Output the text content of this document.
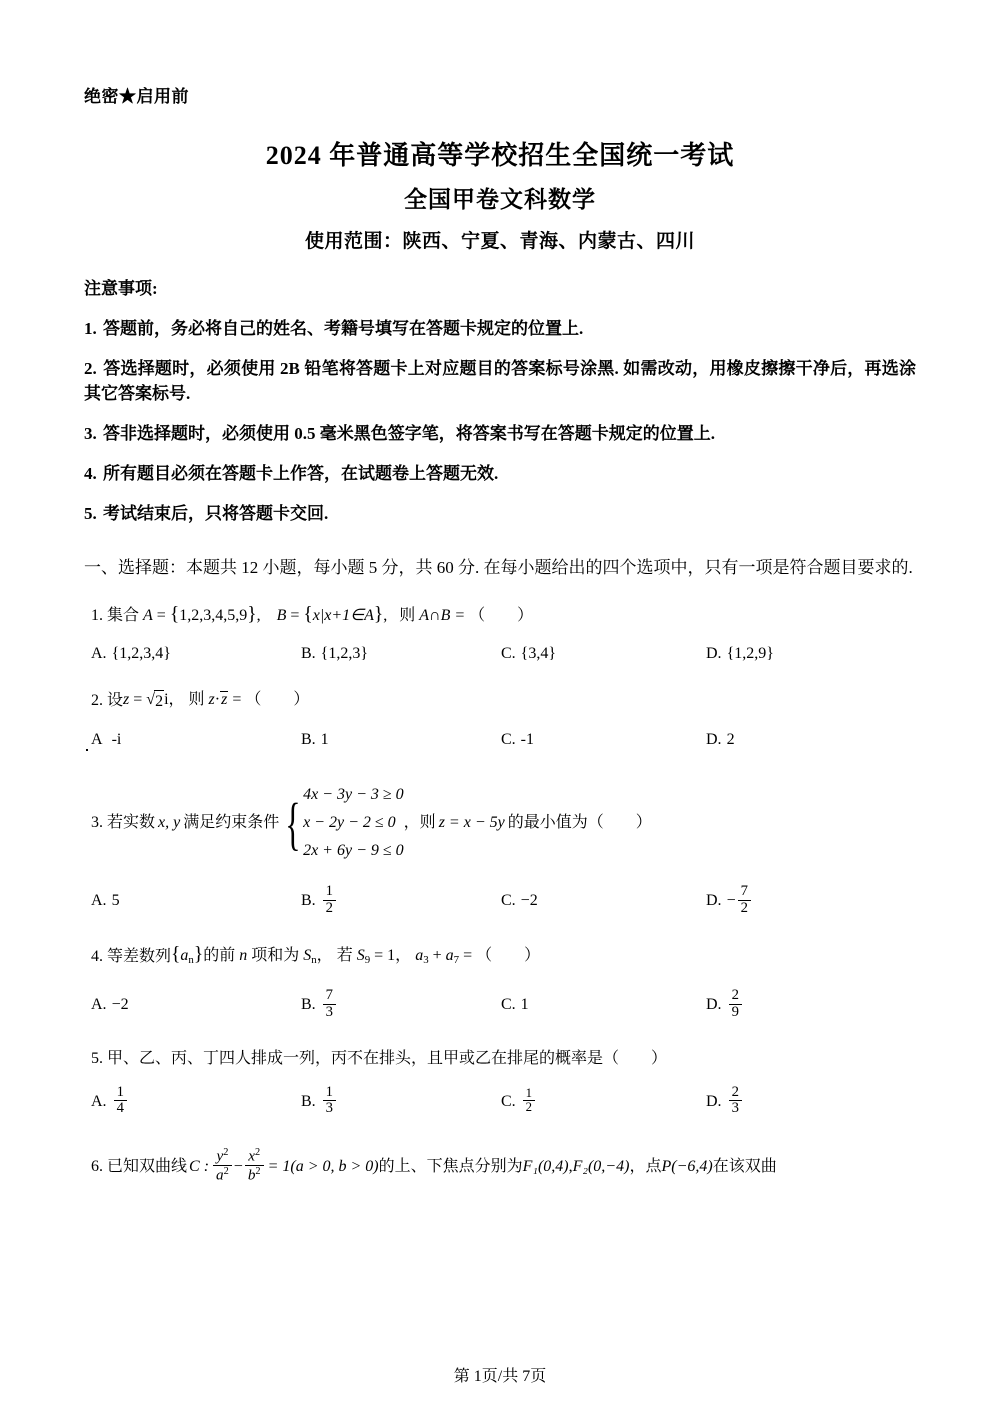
绝密★启用前
2024 年普通高等学校招生全国统一考试
全国甲卷文科数学
使用范围：陕西、宁夏、青海、内蒙古、四川
注意事项:
1. 答题前，务必将自己的姓名、考籍号填写在答题卡规定的位置上.
2. 答选择题时，必须使用 2B 铅笔将答题卡上对应题目的答案标号涂黑. 如需改动，用橡皮擦擦干净后，再选涂其它答案标号.
3. 答非选择题时，必须使用 0.5 毫米黑色签字笔，将答案书写在答题卡规定的位置上.
4. 所有题目必须在答题卡上作答，在试题卷上答题无效.
5. 考试结束后，只将答题卡交回.
一、选择题：本题共 12 小题，每小题 5 分，共 60 分. 在每小题给出的四个选项中，只有一项是符合题目要求的.
1. 集合 A = {1,2,3,4,5,9}, B = {x|x+1∈A}, 则 A∩B = （　　）
A. {1,2,3,4}	B. {1,2,3}	C. {3,4}	D. {1,2,9}
2. 设 z = √ 2 i， 则 z·z = （　　）
A -i	B. 1	C. -1	D. 2
3. 若实数 x, y 满足约束条件 { 4x − 3y − 3 ≥ 0
x − 2y − 2 ≤ 0
2x + 6y − 9 ≤ 0
， 则 z = x − 5y 的最小值为 （　　）
A. 5	B. $\frac{1}{2}$	C. −2	D. − $\frac{7}{2}$
4. 等差数列 {an}的前 n 项和为 Sn， 若 S9 = 1， a3 + a7 = （　　）
A. −2	B. $\frac{7}{3}$	C. 1	D. $\frac{2}{9}$
5. 甲、乙、丙、丁四人排成一列，丙不在排头，且甲或乙在排尾的概率是 （　　）
A. $\frac{1}{4}$	B. $\frac{1}{3}$	C. $\frac{1}{2}$	D. $\frac{2}{3}$
6. 已知双曲线 C : $\frac{y^2}{a^2} - \frac{x^2}{b^2} = 1(a > 0$, b > 0) 的上、下焦点分别为 F₁(0,4) , F₂(0,−4) ， 点 P(−6,4) 在该双曲
第 1页/共 7页
